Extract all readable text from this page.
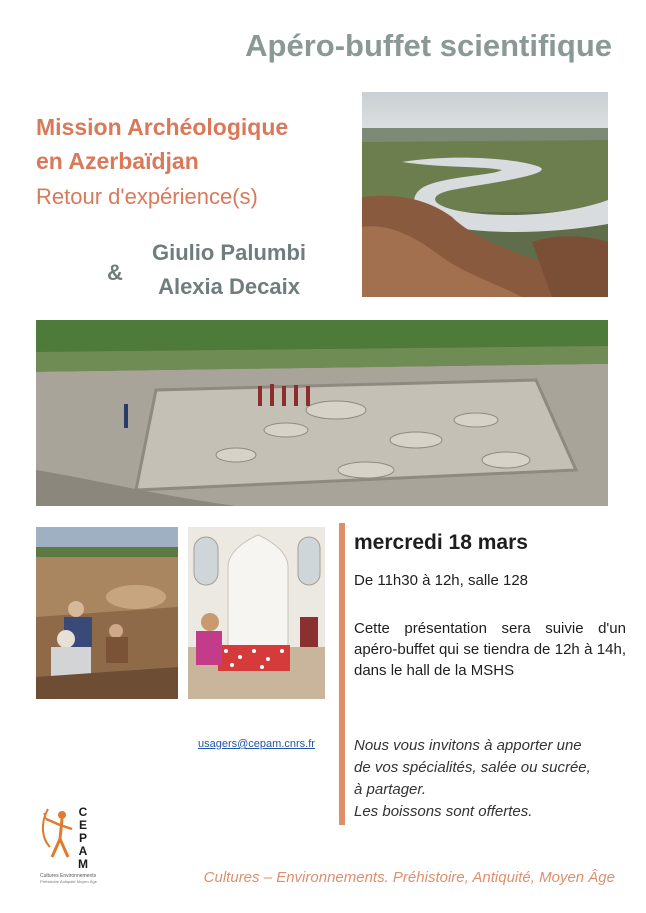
Apéro-buffet scientifique
Mission Archéologique
en Azerbaïdjan
Retour d'expérience(s)
&
Giulio Palumbi
Alexia Decaix
mercredi 18 mars
De 11h30 à 12h, salle 128

Cette présentation sera suivie d'un apéro-buffet qui se tiendra de 12h à 14h, dans le hall de la MSHS

Nous vous invitons à apporter une

de vos spécialités, salée ou sucrée,

à partager.

Les boissons sont offertes.

usagers@cepam.cnrs.fr
C
E
P
A
M
Cultures Environnements
Préhistoire Antiquité Moyen Âge	Cultures – Environnements. Préhistoire, Antiquité, Moyen Âge
